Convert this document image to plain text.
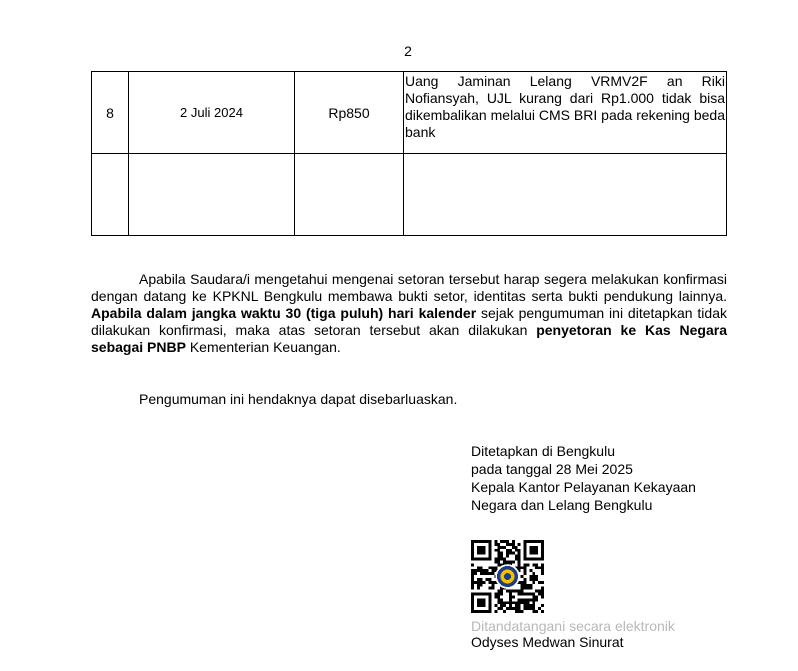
2
8	2 Juli 2024	Rp850	Uang Jaminan Lelang VRMV2F an Riki Nofiansyah, UJL kurang dari Rp1.000 tidak bisa dikembalikan melalui CMS BRI pada rekening beda bank

Apabila Saudara/i mengetahui mengenai setoran tersebut harap segera melakukan konfirmasi dengan datang ke KPKNL Bengkulu membawa bukti setor, identitas serta bukti pendukung lainnya. Apabila dalam jangka waktu 30 (tiga puluh) hari kalender sejak pengumuman ini ditetapkan tidak dilakukan konfirmasi, maka atas setoran tersebut akan dilakukan penyetoran ke Kas Negara sebagai PNBP Kementerian Keuangan.

Pengumuman ini hendaknya dapat disebarluaskan.

Ditetapkan di Bengkulu
pada tanggal 28 Mei 2025
Kepala Kantor Pelayanan Kekayaan
Negara dan Lelang Bengkulu
Ditandatangani secara elektronik
Odyses Medwan Sinurat
